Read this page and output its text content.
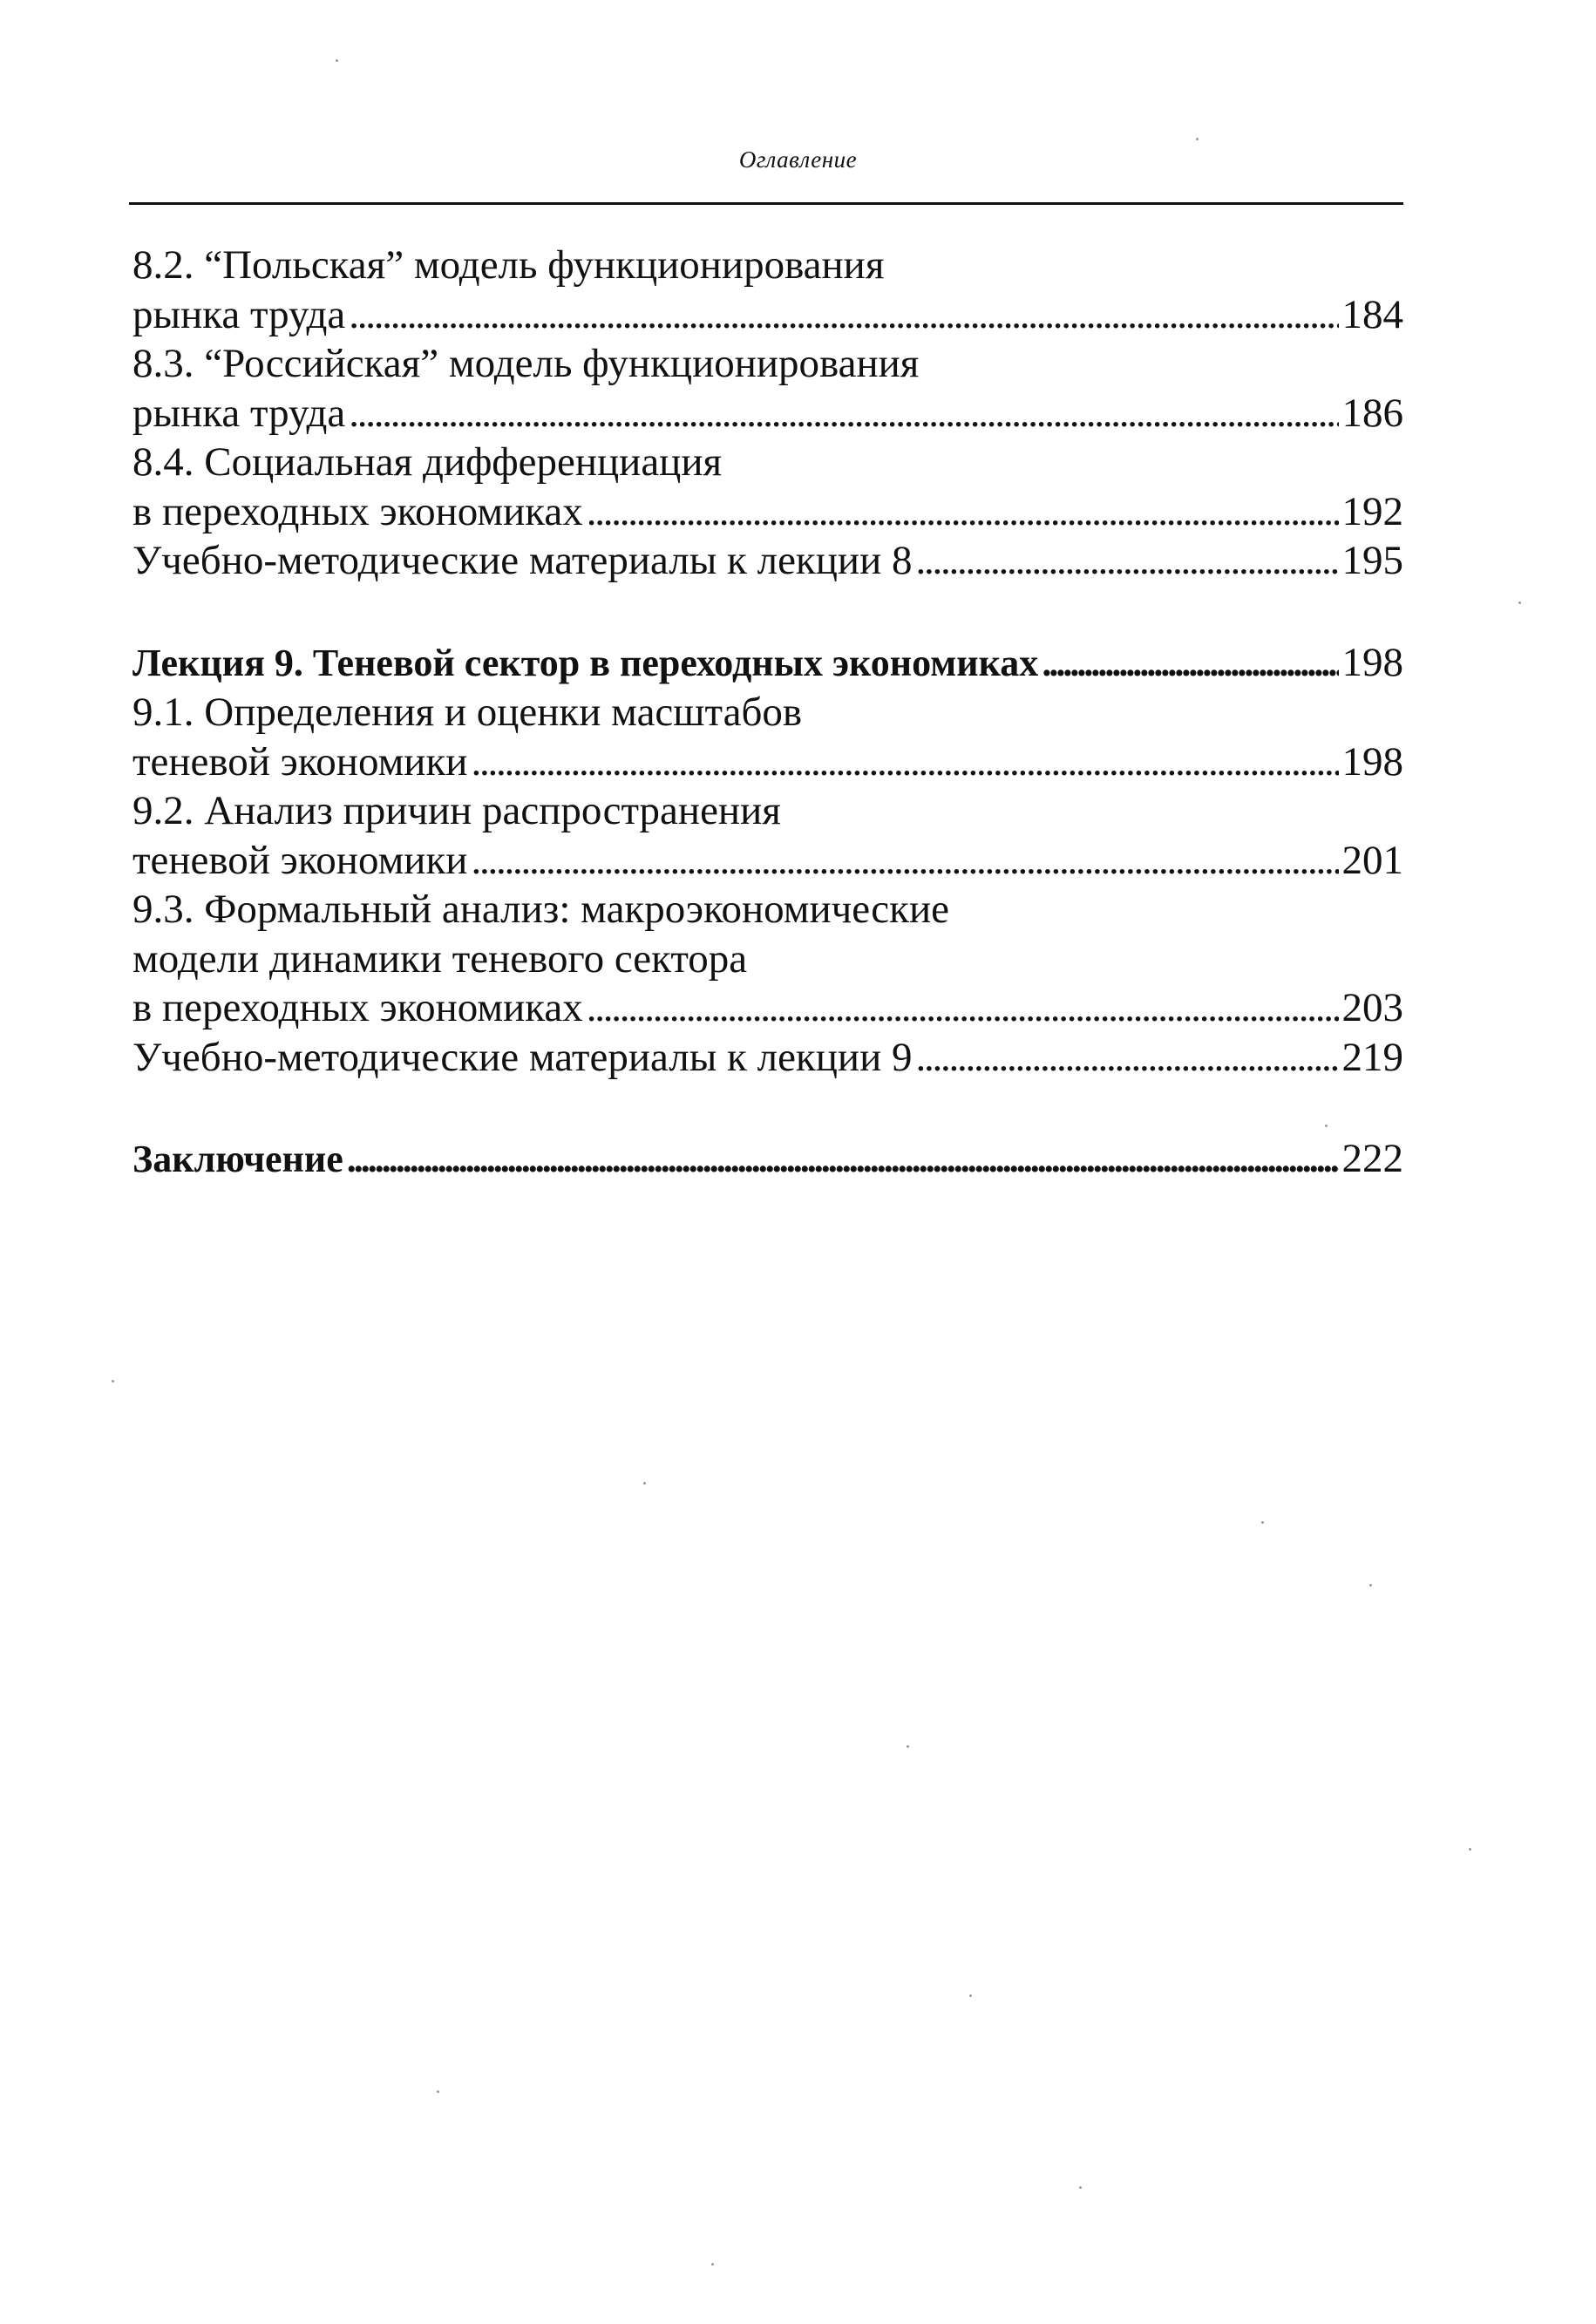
Оглавление
8.2. “Польская” модель функционирования
рынка труда . . .	184
8.3. “Российская” модель функционирования
рынка труда . . .	186
8.4. Социальная дифференциация
в переходных экономиках . . .	192
Учебно-методические материалы к лекции 8 . . .	195
Лекция 9. Теневой сектор в переходных экономиках . . .	198
9.1. Определения и оценки масштабов
теневой экономики . . .	198
9.2. Анализ причин распространения
теневой экономики . . .	201
9.3. Формальный анализ: макроэкономические
модели динамики теневого сектора
в переходных экономиках . . .	203
Учебно-методические материалы к лекции 9 . . .	219
Заключение . . .	222
